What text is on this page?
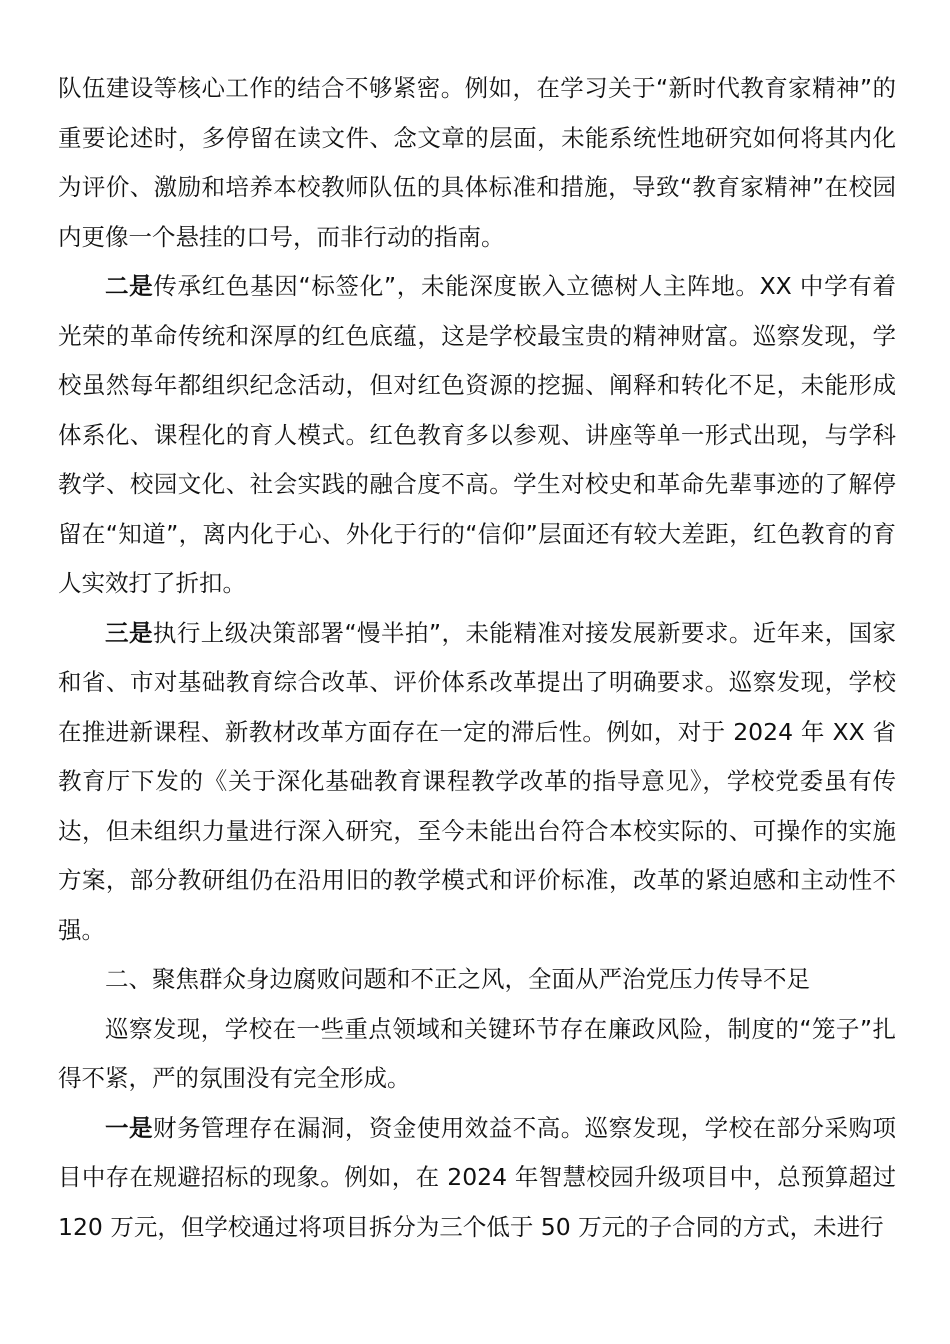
队伍建设等核心工作的结合不够紧密。例如，在学习关于“新时代教育家精神”的重要论述时，多停留在读文件、念文章的层面，未能系统性地研究如何将其内化为评价、激励和培养本校教师队伍的具体标准和措施，导致“教育家精神”在校园内更像一个悬挂的口号，而非行动的指南。

二是传承红色基因“标签化”，未能深度嵌入立德树人主阵地。XX 中学有着光荣的革命传统和深厚的红色底蕴，这是学校最宝贵的精神财富。巡察发现，学校虽然每年都组织纪念活动，但对红色资源的挖掘、阐释和转化不足，未能形成体系化、课程化的育人模式。红色教育多以参观、讲座等单一形式出现，与学科教学、校园文化、社会实践的融合度不高。学生对校史和革命先辈事迹的了解停留在“知道”，离内化于心、外化于行的“信仰”层面还有较大差距，红色教育的育人实效打了折扣。

三是执行上级决策部署“慢半拍”，未能精准对接发展新要求。近年来，国家和省、市对基础教育综合改革、评价体系改革提出了明确要求。巡察发现，学校在推进新课程、新教材改革方面存在一定的滞后性。例如，对于 2024 年 XX 省教育厅下发的《关于深化基础教育课程教学改革的指导意见》，学校党委虽有传达，但未组织力量进行深入研究，至今未能出台符合本校实际的、可操作的实施方案，部分教研组仍在沿用旧的教学模式和评价标准，改革的紧迫感和主动性不强。

二、聚焦群众身边腐败问题和不正之风，全面从严治党压力传导不足

巡察发现，学校在一些重点领域和关键环节存在廉政风险，制度的“笼子”扎得不紧，严的氛围没有完全形成。

一是财务管理存在漏洞，资金使用效益不高。巡察发现，学校在部分采购项目中存在规避招标的现象。例如，在 2024 年智慧校园升级项目中，总预算超过 120 万元，但学校通过将项目拆分为三个低于 50 万元的子合同的方式，未进行
